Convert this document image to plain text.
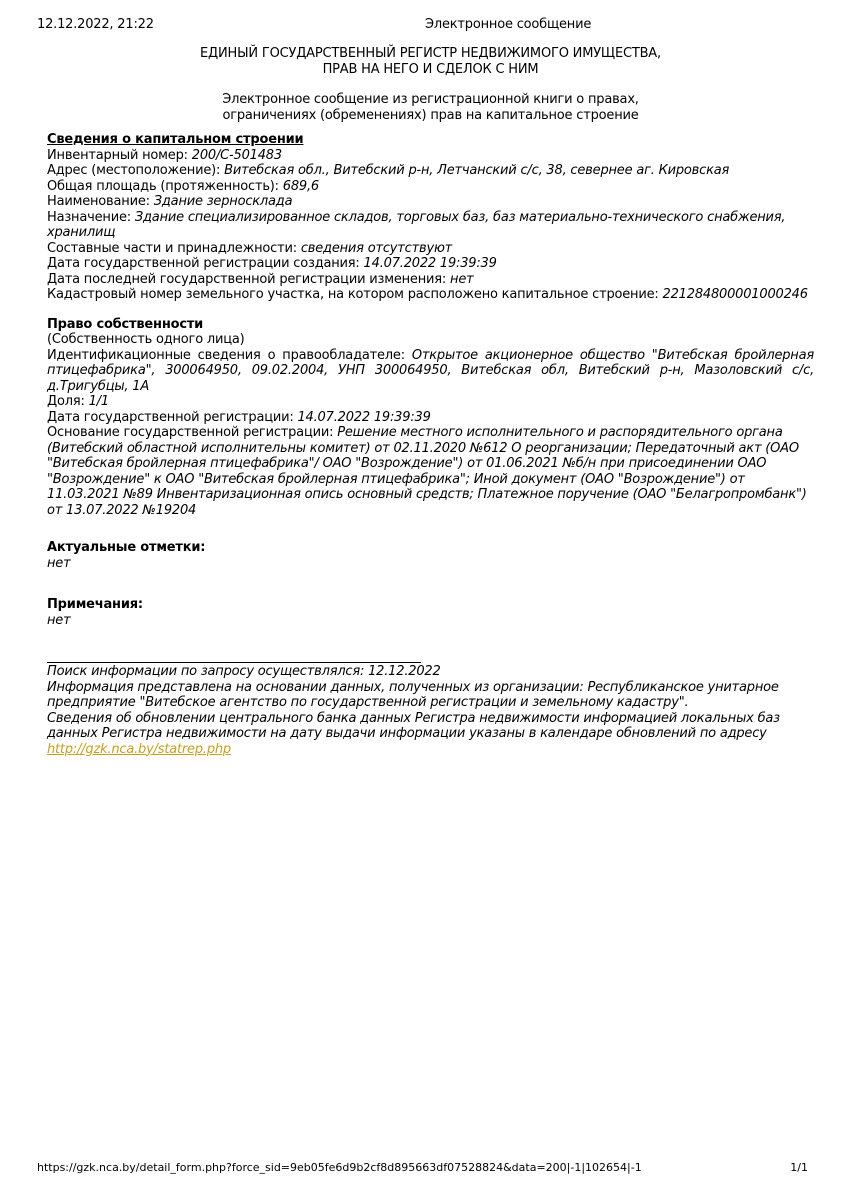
12.12.2022, 21:22	Электронное сообщение
ЕДИНЫЙ ГОСУДАРСТВЕННЫЙ РЕГИСТР НЕДВИЖИМОГО ИМУЩЕСТВА,
ПРАВ НА НЕГО И СДЕЛОК С НИМ
Электронное сообщение из регистрационной книги о правах,
ограничениях (обременениях) прав на капитальное строение
Сведения о капитальном строении
Инвентарный номер: 200/С-501483
Адрес (местоположение): Витебская обл., Витебский р-н, Летчанский с/с, 38, севернее аг. Кировская
Общая площадь (протяженность): 689,6
Наименование: Здание зерносклада
Назначение: Здание специализированное складов, торговых баз, баз материально-технического снабжения, хранилищ
Составные части и принадлежности: сведения отсутствуют
Дата государственной регистрации создания: 14.07.2022 19:39:39
Дата последней государственной регистрации изменения: нет
Кадастровый номер земельного участка, на котором расположено капитальное строение: 221284800001000246
Право собственности
(Собственность одного лица)
Идентификационные сведения о правообладателе: Открытое акционерное общество "Витебская бройлерная птицефабрика", 300064950, 09.02.2004, УНП 300064950, Витебская обл, Витебский р-н, Мазоловский с/с, д.Тригубцы, 1А
Доля: 1/1
Дата государственной регистрации: 14.07.2022 19:39:39
Основание государственной регистрации: Решение местного исполнительного и распорядительного органа (Витебский областной исполнительны комитет) от 02.11.2020 №612 О реорганизации; Передаточный акт (ОАО "Витебская бройлерная птицефабрика"/ ОАО "Возрождение") от 01.06.2021 №б/н при присоединении ОАО "Возрождение" к ОАО "Витебская бройлерная птицефабрика"; Иной документ (ОАО "Возрождение") от 11.03.2021 №89 Инвентаризационная опись основный средств; Платежное поручение (ОАО "Белагропромбанк") от 13.07.2022 №19204
Актуальные отметки:
нет
Примечания:
нет
Поиск информации по запросу осуществлялся: 12.12.2022
Информация представлена на основании данных, полученных из организации: Республиканское унитарное предприятие "Витебское агентство по государственной регистрации и земельному кадастру".
Сведения об обновлении центрального банка данных Регистра недвижимости информацией локальных баз данных Регистра недвижимости на дату выдачи информации указаны в календаре обновлений по адресу
http://gzk.nca.by/statrep.php
https://gzk.nca.by/detail_form.php?force_sid=9eb05fe6d9b2cf8d895663df07528824&data=200|-1|102654|-1	1/1
